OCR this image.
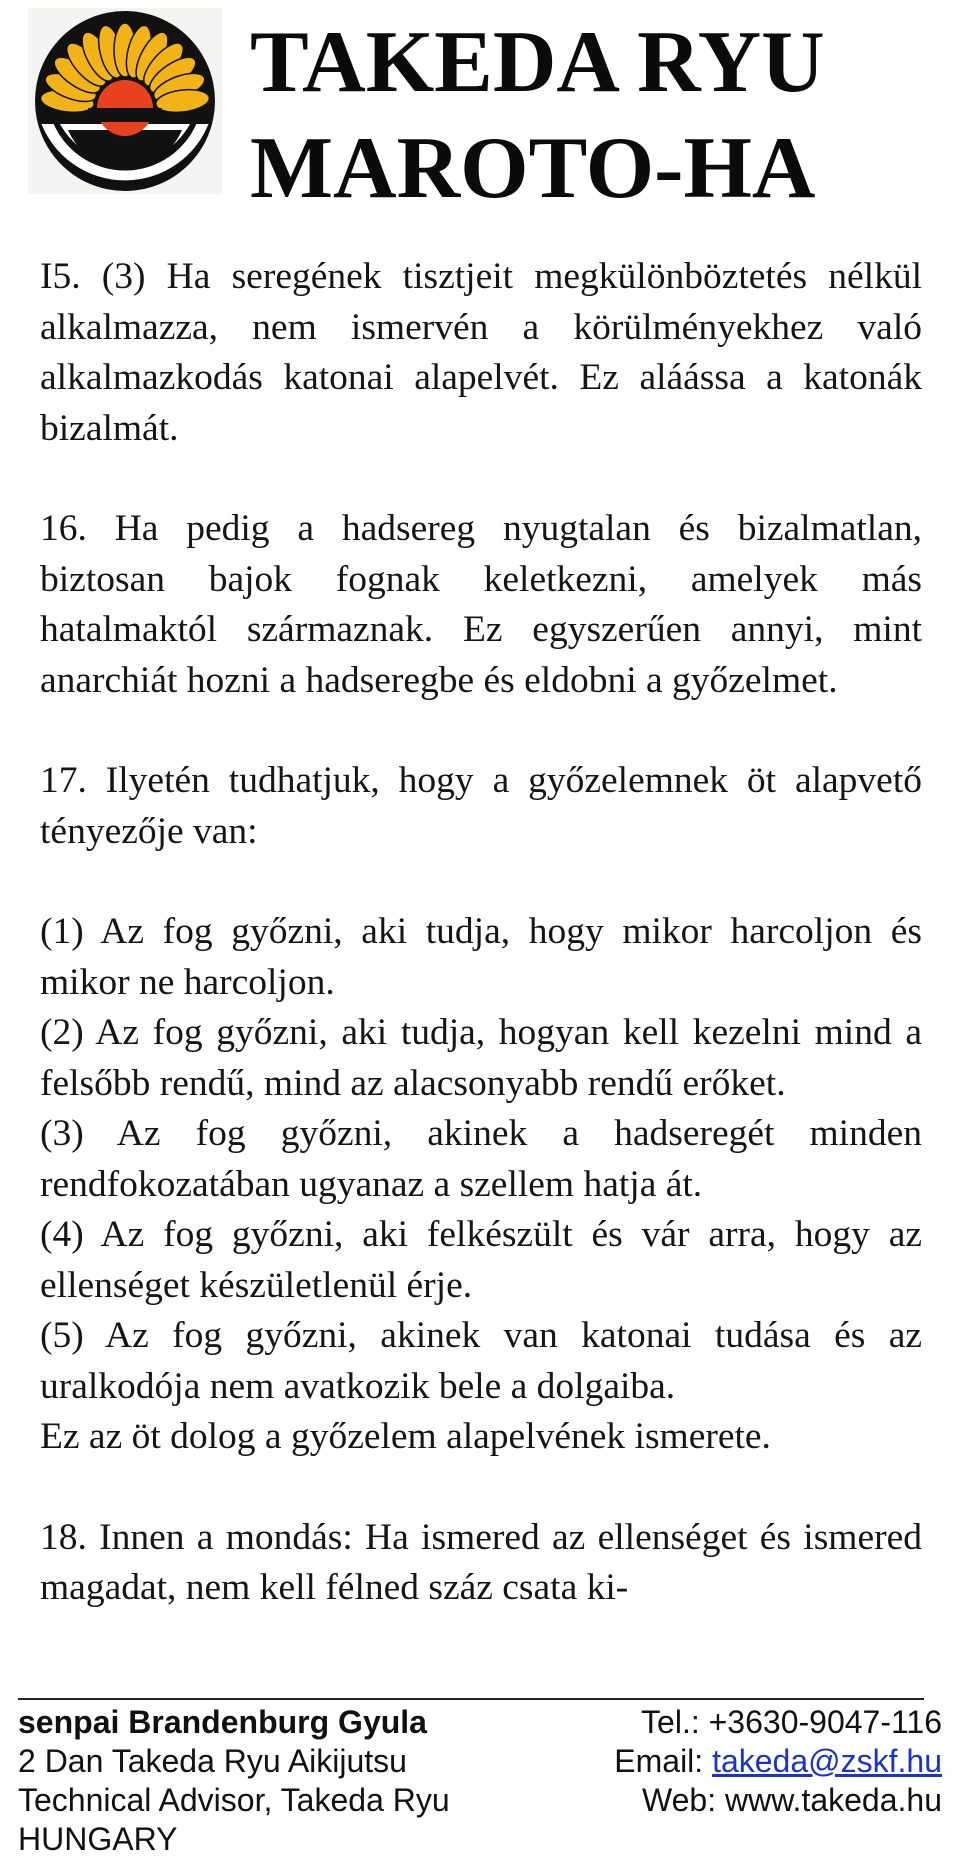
TAKEDA RYU
MAROTO-HA

I5. (3) Ha seregének tisztjeit megkülönböztetés nélkül alkalmazza, nem ismervén a körülményekhez való alkalmazkodás katonai alapelvét. Ez aláássa a katonák bizalmát.

16. Ha pedig a hadsereg nyugtalan és bizalmatlan, biztosan bajok fognak keletkezni, amelyek más hatalmaktól származnak. Ez egyszerűen annyi, mint anarchiát hozni a hadseregbe és eldobni a győzelmet.

17. Ilyetén tudhatjuk, hogy a győzelemnek öt alapvető tényezője van:

(1) Az fog győzni, aki tudja, hogy mikor harcoljon és mikor ne harcoljon.

(2) Az fog győzni, aki tudja, hogyan kell kezelni mind a felsőbb rendű, mind az alacsonyabb rendű erőket.

(3) Az fog győzni, akinek a hadseregét minden rendfokozatában ugyanaz a szellem hatja át.

(4) Az fog győzni, aki felkészült és vár arra, hogy az ellenséget készületlenül érje.

(5) Az fog győzni, akinek van katonai tudása és az uralkodója nem avatkozik bele a dolgaiba.

Ez az öt dolog a győzelem alapelvének ismerete.

18. Innen a mondás: Ha ismered az ellenséget és ismered magadat, nem kell félned száz csata ki-

senpai Brandenburg Gyula
2 Dan Takeda Ryu Aikijutsu
Technical Advisor, Takeda Ryu
HUNGARY
Tel.: +3630-9047-116
Email: takeda@zskf.hu
Web: www.takeda.hu
